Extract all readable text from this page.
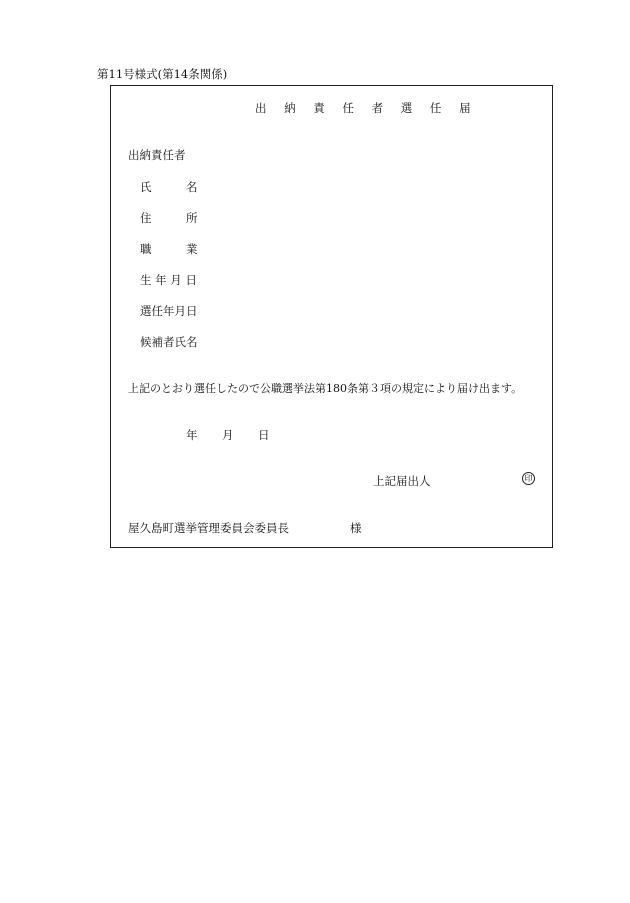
第11号様式(第14条関係)
出 納 責 任 者 選 任 届
出納責任者
氏　　　名
住　　　所
職　　　業
生 年 月 日
選任年月日
候補者氏名
上記のとおり選任したので公職選挙法第180条第３項の規定により届け出ます。
年 月 日
上記届出人	印
屋久島町選挙管理委員会委員長	様
